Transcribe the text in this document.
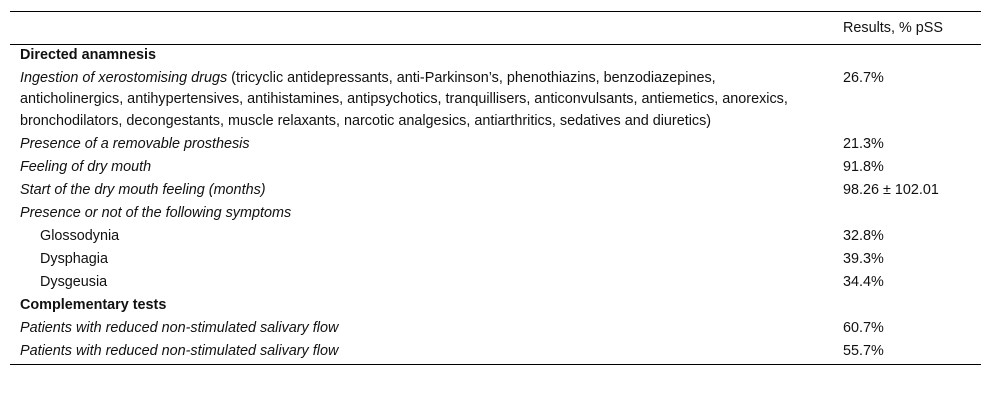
	Results, % pSS
Directed anamnesis	
Ingestion of xerostomising drugs (tricyclic antidepressants, anti-Parkinson’s, phenothiazins, benzodiazepines, anticholinergics, antihypertensives, antihistamines, antipsychotics, tranquillisers, anticonvulsants, antiemetics, anorexics, bronchodilators, decongestants, muscle relaxants, narcotic analgesics, antiarthritics, sedatives and diuretics)	26.7%
Presence of a removable prosthesis	21.3%
Feeling of dry mouth	91.8%
Start of the dry mouth feeling (months)	98.26 ± 102.01
Presence or not of the following symptoms	
Glossodynia	32.8%
Dysphagia	39.3%
Dysgeusia	34.4%
Complementary tests	
Patients with reduced non-stimulated salivary flow	60.7%
Patients with reduced non-stimulated salivary flow	55.7%
